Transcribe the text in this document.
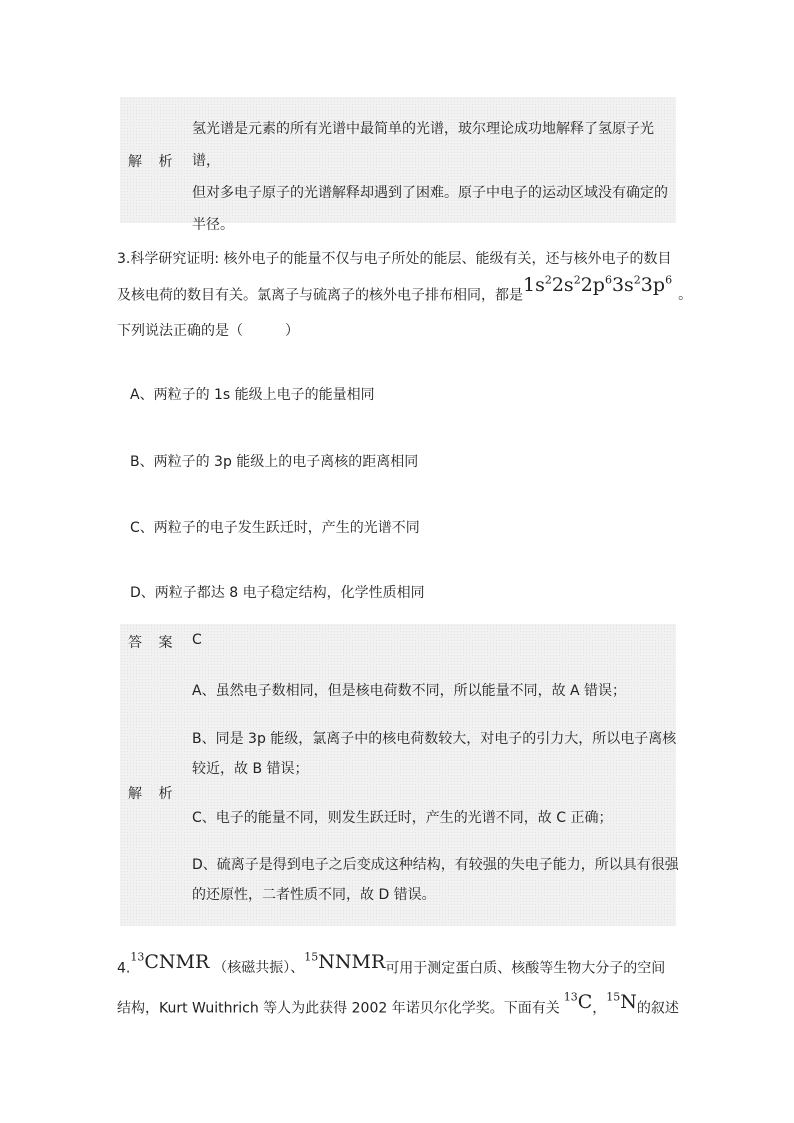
解 析
氢光谱是元素的所有光谱中最简单的光谱，玻尔理论成功地解释了氢原子光谱，
但对多电子原子的光谱解释却遇到了困难。原子中电子的运动区域没有确定的
半径。
3.科学研究证明: 核外电子的能量不仅与电子所处的能层、能级有关，还与核外电子的数目
及核电荷的数目有关。氯离子与硫离子的核外电子排布相同，都是$1s^22s^22p^63s^23p^6$。
下列说法正确的是（　　　）
A、两粒子的 1s 能级上电子的能量相同
B、两粒子的 3p 能级上的电子离核的距离相同
C、两粒子的电子发生跃迁时，产生的光谱不同
D、两粒子都达 8 电子稳定结构，化学性质相同
答 案 C
解 析
A、虽然电子数相同，但是核电荷数不同，所以能量不同，故 A 错误；
B、同是 3p 能级，氯离子中的核电荷数较大，对电子的引力大，所以电子离核
较近，故 B 错误；
C、电子的能量不同，则发生跃迁时，产生的光谱不同，故 C 正确；
D、硫离子是得到电子之后变成这种结构，有较强的失电子能力，所以具有很强
的还原性，二者性质不同，故 D 错误。
4.13CNMR （核磁共振）、$^{15}$NNMR可用于测定蛋白质、核酸等生物大分子的空间
结构，Kurt Wuithrich 等人为此获得 2002 年诺贝尔化学奖。下面有关$^{13}$C，$^{15}$N的叙述
